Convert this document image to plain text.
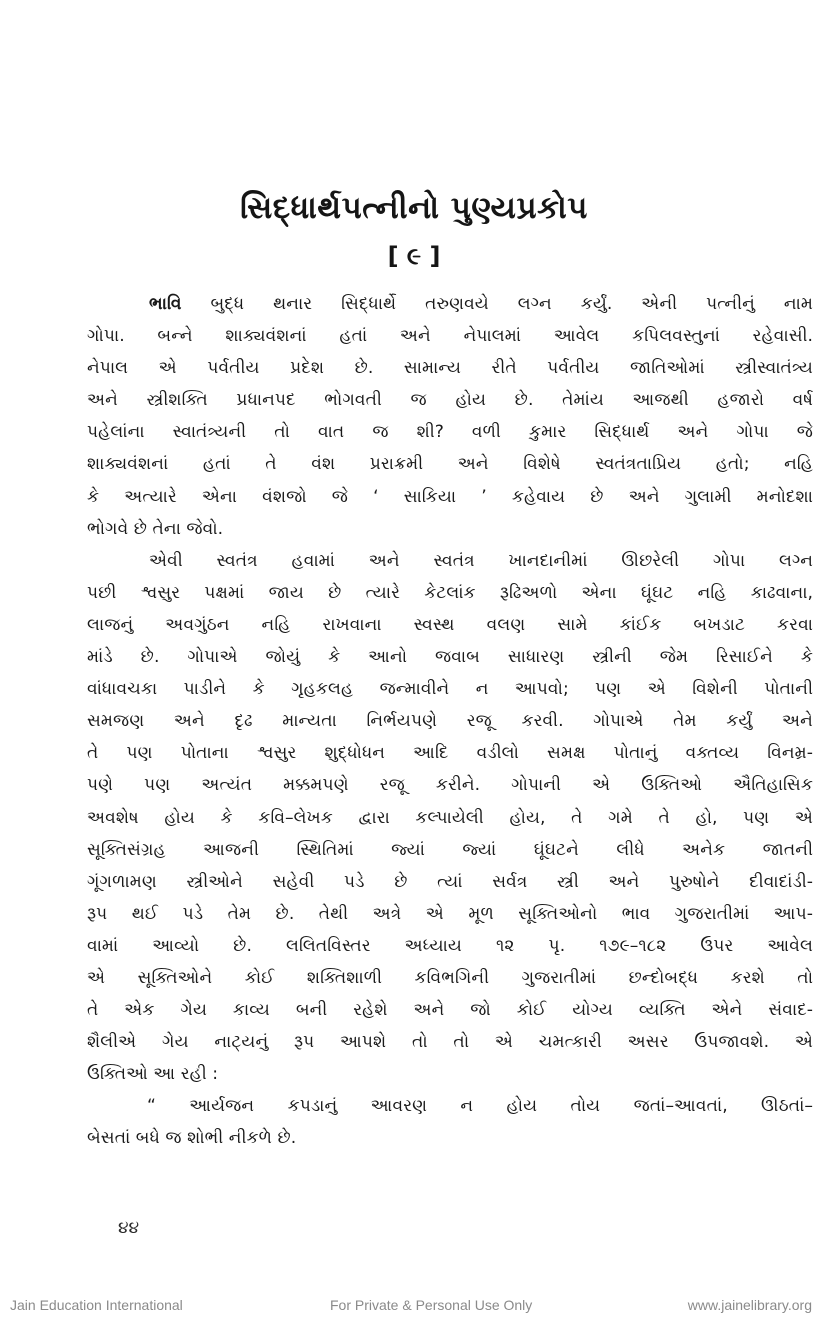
સિદ્ધાર્થપત્નીનો પુણ્યપ્રકોપ
[ ૯ ]
ભાવિ બુદ્ધ થનાર સિદ્ધાર્થે તરુણવયે લગ્ન કર્યું. એની પત્નીનું નામ
ગોપા. બન્ને શાક્યવંશનાં હતાં અને નેપાલમાં આવેલ કપિલવસ્તુનાં રહેવાસી.
નેપાલ એ પર્વતીય પ્રદેશ છે. સામાન્ય રીતે પર્વતીય જાતિઓમાં સ્ત્રીસ્વાતંત્ર્ય
અને સ્ત્રીશક્તિ પ્રધાનપદ ભોગવતી જ હોય છે. તેમાંય આજથી હજારો વર્ષ
પહેલાંના સ્વાતંત્ર્યની તો વાત જ શી? વળી કુમાર સિદ્ધાર્થ અને ગોપા જે
શાક્યવંશનાં હતાં તે વંશ પ્રરાક્રમી અને વિશેષે સ્વતંત્રતાપ્રિય હતો; નહિ
કે અત્યારે એના વંશજો જે ‘ સાકિયા ’ કહેવાય છે અને ગુલામી મનોદશા
ભોગવે છે તેના જેવો.
એવી સ્વતંત્ર હવામાં અને સ્વતંત્ર ખાનદાનીમાં ઊછરેલી ગોપા લગ્ન
પછી શ્વસુર પક્ષમાં જાય છે ત્યારે કેટલાંક રૂઢિઅળો એના ઘૂંઘટ નહિ કાઢવાના,
લાજનું અવગુંઠન નહિ રાખવાના સ્વસ્થ વલણ સામે કાંઈક બખડાટ કરવા
માંડે છે. ગોપાએ જોયું કે આનો જવાબ સાધારણ સ્ત્રીની જેમ રિસાઈને કે
વાંધાવચકા પાડીને કે ગૃહકલહ જન્માવીને ન આપવો; પણ એ વિશેની પોતાની
સમજણ અને દૃઢ માન્યતા નિર્ભયપણે રજૂ કરવી. ગોપાએ તેમ કર્યું અને
તે પણ પોતાના શ્વસુર શુદ્ધોધન આદિ વડીલો સમક્ષ પોતાનું વક્તવ્ય વિનમ્ર-
પણે પણ અત્યંત મક્કમપણે રજૂ કરીને. ગોપાની એ ઉક્તિઓ ઐતિહાસિક
અવશેષ હોય કે કવિ–લેખક દ્વારા કલ્પાયેલી હોય, તે ગમે તે હો, પણ એ
સૂક્તિસંગ્રહ આજની સ્થિતિમાં જ્યાં જ્યાં ઘૂંઘટને લીધે અનેક જાતની
ગૂંગળામણ સ્ત્રીઓને સહેવી પડે છે ત્યાં સર્વત્ર સ્ત્રી અને પુરુષોને દીવાદાંડી-
રૂપ થઈ પડે તેમ છે. તેથી અત્રે એ મૂળ સૂક્તિઓનો ભાવ ગુજરાતીમાં આપ-
વામાં આવ્યો છે. લલિતવિસ્તર અધ્યાય ૧૨ પૃ. ૧૭૯–૧૮૨ ઉપર આવેલ
એ સૂક્તિઓને કોઈ શક્તિશાળી કવિભગિની ગુજરાતીમાં છન્દોબદ્ધ કરશે તો
તે એક ગેય કાવ્ય બની રહેશે અને જો કોઈ યોગ્ય વ્યક્તિ એને સંવાદ-
શૈલીએ ગેય નાટ્યનું રૂપ આપશે તો તો એ ચમત્કારી અસર ઉપજાવશે. એ
ઉક્તિઓ આ રહી :
“ આર્યજન કપડાનું આવરણ ન હોય તોય જતાં–આવતાં, ઊઠતાં–
બેસતાં બધે જ શોભી નીકળે છે.
૪૪
Jain Education International	For Private & Personal Use Only	www.jainelibrary.org
